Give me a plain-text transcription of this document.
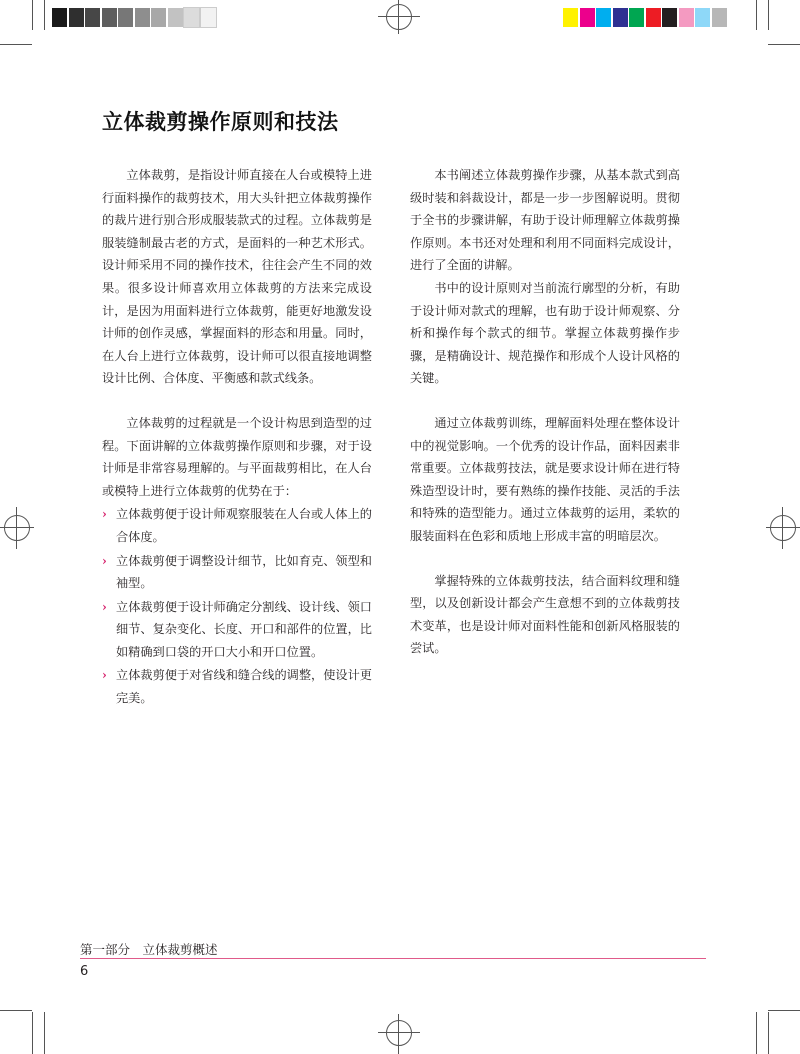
立体裁剪操作原则和技法

立体裁剪，是指设计师直接在人台或模特上进行面料操作的裁剪技术，用大头针把立体裁剪操作的裁片进行别合形成服装款式的过程。立体裁剪是服装缝制最古老的方式，是面料的一种艺术形式。设计师采用不同的操作技术，往往会产生不同的效果。很多设计师喜欢用立体裁剪的方法来完成设计，是因为用面料进行立体裁剪，能更好地激发设计师的创作灵感，掌握面料的形态和用量。同时，在人台上进行立体裁剪，设计师可以很直接地调整设计比例、合体度、平衡感和款式线条。

立体裁剪的过程就是一个设计构思到造型的过程。下面讲解的立体裁剪操作原则和步骤，对于设计师是非常容易理解的。与平面裁剪相比，在人台或模特上进行立体裁剪的优势在于：

› 立体裁剪便于设计师观察服装在人台或人体上的合体度。
› 立体裁剪便于调整设计细节，比如育克、领型和袖型。
› 立体裁剪便于设计师确定分割线、设计线、领口细节、复杂变化、长度、开口和部件的位置，比如精确到口袋的开口大小和开口位置。
› 立体裁剪便于对省线和缝合线的调整，使设计更完美。

本书阐述立体裁剪操作步骤，从基本款式到高级时装和斜裁设计，都是一步一步图解说明。贯彻于全书的步骤讲解，有助于设计师理解立体裁剪操作原则。本书还对处理和利用不同面料完成设计，进行了全面的讲解。

书中的设计原则对当前流行廓型的分析，有助于设计师对款式的理解，也有助于设计师观察、分析和操作每个款式的细节。掌握立体裁剪操作步骤，是精确设计、规范操作和形成个人设计风格的关键。

通过立体裁剪训练，理解面料处理在整体设计中的视觉影响。一个优秀的设计作品，面料因素非常重要。立体裁剪技法，就是要求设计师在进行特殊造型设计时，要有熟练的操作技能、灵活的手法和特殊的造型能力。通过立体裁剪的运用，柔软的服装面料在色彩和质地上形成丰富的明暗层次。

掌握特殊的立体裁剪技法，结合面料纹理和缝型，以及创新设计都会产生意想不到的立体裁剪技术变革，也是设计师对面料性能和创新风格服装的尝试。

第一部分　立体裁剪概述
6
